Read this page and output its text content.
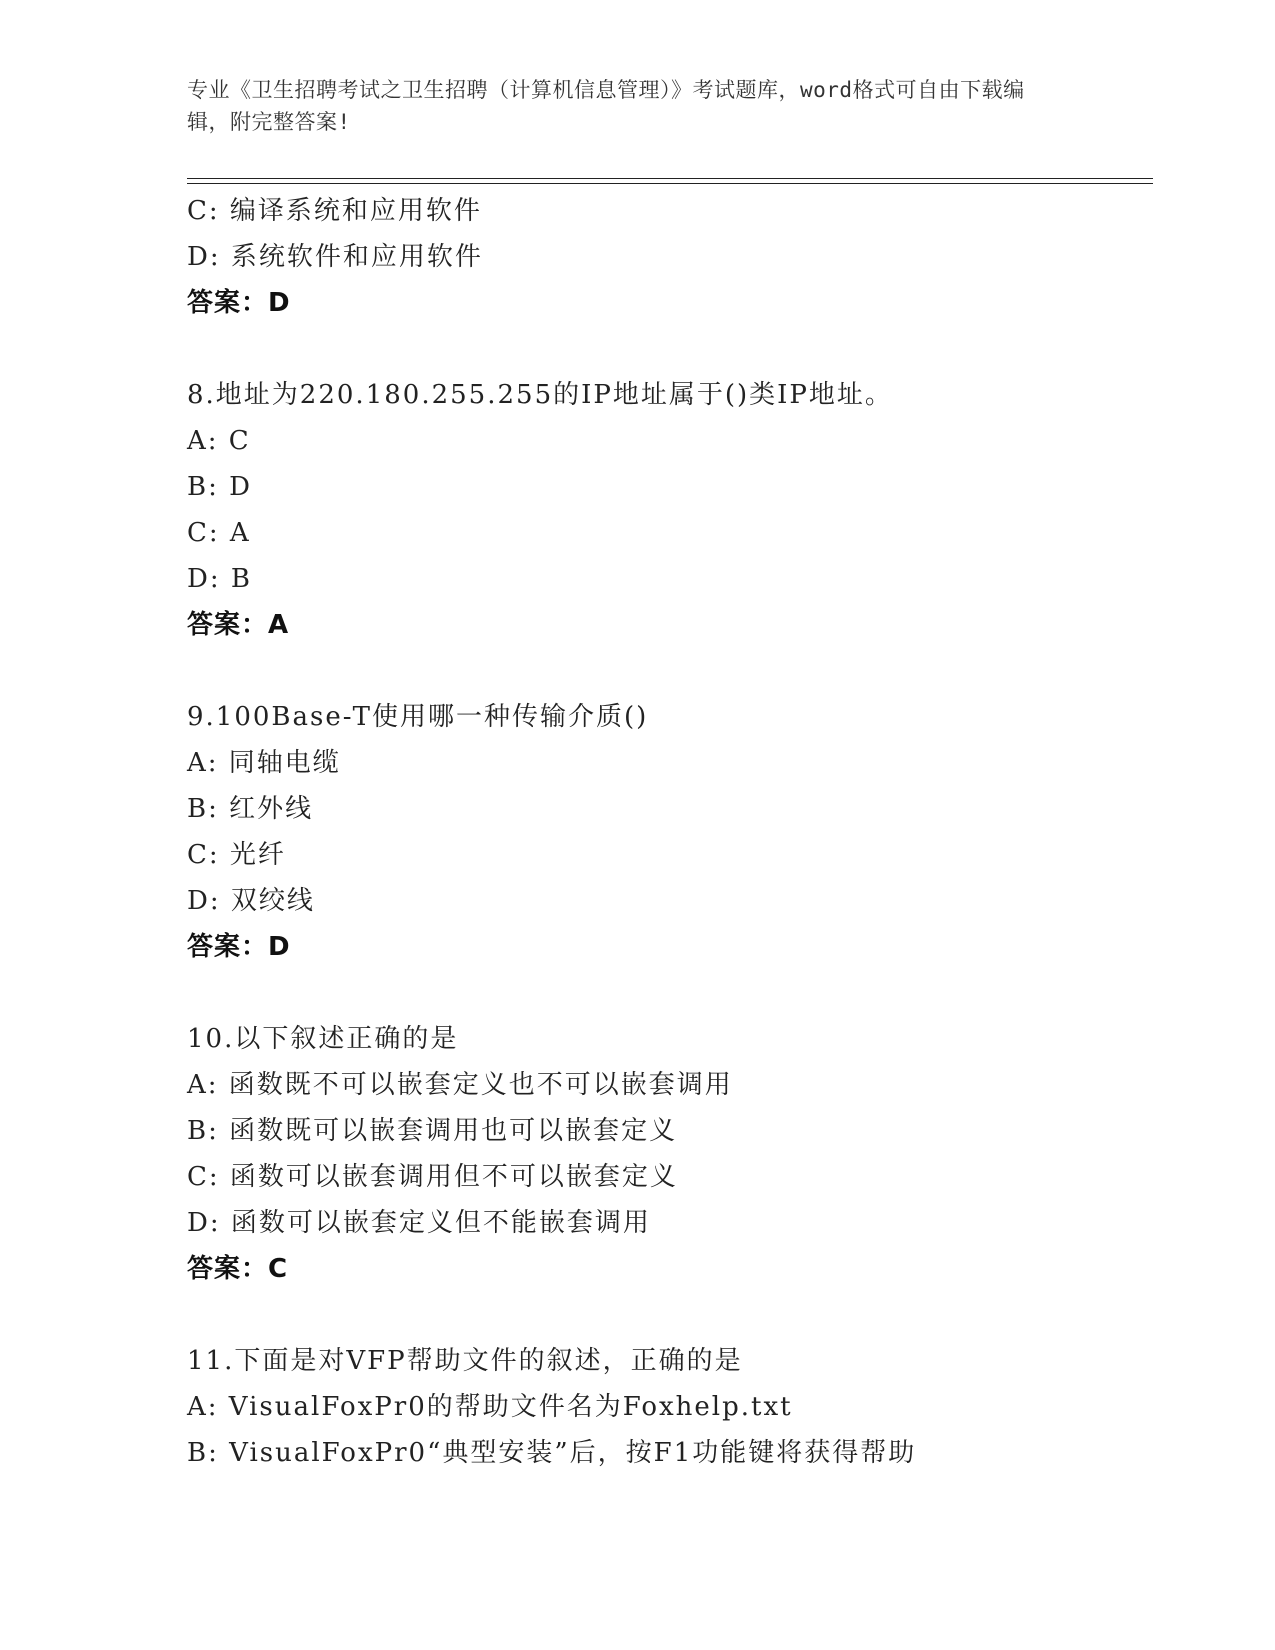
专业《卫生招聘考试之卫生招聘（计算机信息管理）》考试题库，word格式可自由下载编辑，附完整答案!
C: 编译系统和应用软件
D: 系统软件和应用软件
答案：D
8.地址为220.180.255.255的IP地址属于()类IP地址。
A: C
B: D
C: A
D: B
答案：A
9.100Base-T使用哪一种传输介质()
A: 同轴电缆
B: 红外线
C: 光纤
D: 双绞线
答案：D
10.以下叙述正确的是
A: 函数既不可以嵌套定义也不可以嵌套调用
B: 函数既可以嵌套调用也可以嵌套定义
C: 函数可以嵌套调用但不可以嵌套定义
D: 函数可以嵌套定义但不能嵌套调用
答案：C
11.下面是对VFP帮助文件的叙述，正确的是
A: VisualFoxPr0的帮助文件名为Foxhelp.txt
B: VisualFoxPr0“典型安装”后，按F1功能键将获得帮助
